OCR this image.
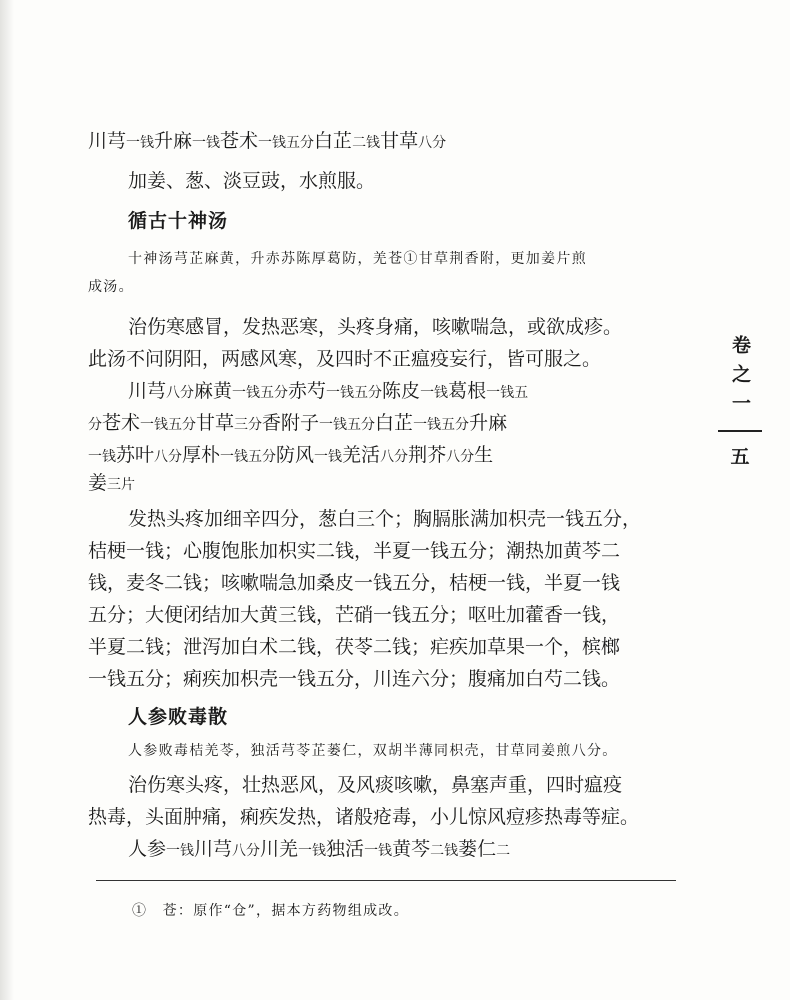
川芎一钱升麻一钱苍术一钱五分白芷二钱甘草八分
加姜、葱、淡豆豉，水煎服。
循古十神汤
十神汤芎芷麻黄，升赤苏陈厚葛防，羌苍①甘草荆香附，更加姜片煎
成汤。
治伤寒感冒，发热恶寒，头疼身痛，咳嗽喘急，或欲成疹。
此汤不问阴阳，两感风寒，及四时不正瘟疫妄行，皆可服之。
川芎八分麻黄一钱五分赤芍一钱五分陈皮一钱葛根一钱五
分苍术一钱五分甘草三分香附子一钱五分白芷一钱五分升麻
一钱苏叶八分厚朴一钱五分防风一钱羌活八分荆芥八分生
姜三片
发热头疼加细辛四分，葱白三个；胸膈胀满加枳壳一钱五分，
桔梗一钱；心腹饱胀加枳实二钱，半夏一钱五分；潮热加黄芩二
钱，麦冬二钱；咳嗽喘急加桑皮一钱五分，桔梗一钱，半夏一钱
五分；大便闭结加大黄三钱，芒硝一钱五分；呕吐加藿香一钱，
半夏二钱；泄泻加白术二钱，茯苓二钱；疟疾加草果一个，槟榔
一钱五分；痢疾加枳壳一钱五分，川连六分；腹痛加白芍二钱。
人参败毒散
人参败毒桔羌苓，独活芎苓芷蒌仁，双胡半薄同枳壳，甘草同姜煎八分。
治伤寒头疼，壮热恶风，及风痰咳嗽，鼻塞声重，四时瘟疫
热毒，头面肿痛，痢疾发热，诸般疮毒，小儿惊风痘疹热毒等症。
人参一钱川芎八分川羌一钱独活一钱黄芩二钱蒌仁二
①　苍：原作“仓”，据本方药物组成改。
卷之一
五
